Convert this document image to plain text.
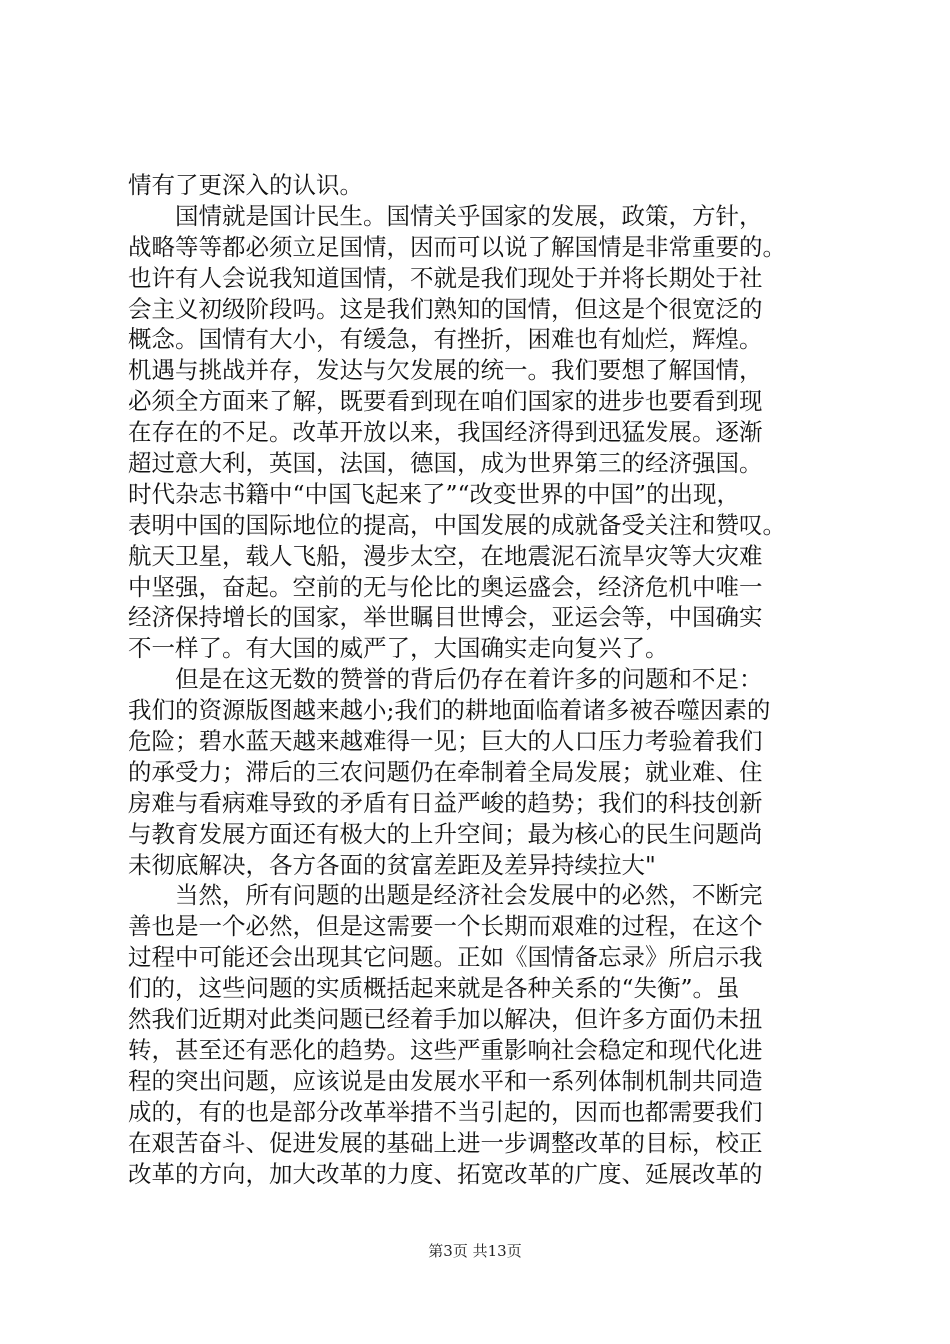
情有了更深入的认识。
　　国情就是国计民生。国情关乎国家的发展，政策，方针，
战略等等都必须立足国情，因而可以说了解国情是非常重要的。
也许有人会说我知道国情，不就是我们现处于并将长期处于社
会主义初级阶段吗。这是我们熟知的国情，但这是个很宽泛的
概念。国情有大小，有缓急，有挫折，困难也有灿烂，辉煌。
机遇与挑战并存，发达与欠发展的统一。我们要想了解国情，
必须全方面来了解，既要看到现在咱们国家的进步也要看到现
在存在的不足。改革开放以来，我国经济得到迅猛发展。逐渐
超过意大利，英国，法国，德国，成为世界第三的经济强国。
时代杂志书籍中“中国飞起来了”“改变世界的中国”的出现，
表明中国的国际地位的提高，中国发展的成就备受关注和赞叹。
航天卫星，载人飞船，漫步太空，在地震泥石流旱灾等大灾难
中坚强，奋起。空前的无与伦比的奥运盛会，经济危机中唯一
经济保持增长的国家，举世瞩目世博会，亚运会等，中国确实
不一样了。有大国的威严了，大国确实走向复兴了。
　　但是在这无数的赞誉的背后仍存在着许多的问题和不足：
我们的资源版图越来越小;我们的耕地面临着诸多被吞噬因素的
危险；碧水蓝天越来越难得一见；巨大的人口压力考验着我们
的承受力；滞后的三农问题仍在牵制着全局发展；就业难、住
房难与看病难导致的矛盾有日益严峻的趋势；我们的科技创新
与教育发展方面还有极大的上升空间；最为核心的民生问题尚
未彻底解决，各方各面的贫富差距及差异持续拉大"
　　当然，所有问题的出题是经济社会发展中的必然，不断完
善也是一个必然，但是这需要一个长期而艰难的过程，在这个
过程中可能还会出现其它问题。正如《国情备忘录》所启示我
们的，这些问题的实质概括起来就是各种关系的“失衡”。虽
然我们近期对此类问题已经着手加以解决，但许多方面仍未扭
转，甚至还有恶化的趋势。这些严重影响社会稳定和现代化进
程的突出问题，应该说是由发展水平和一系列体制机制共同造
成的，有的也是部分改革举措不当引起的，因而也都需要我们
在艰苦奋斗、促进发展的基础上进一步调整改革的目标，校正
改革的方向，加大改革的力度、拓宽改革的广度、延展改革的
第3页 共13页
